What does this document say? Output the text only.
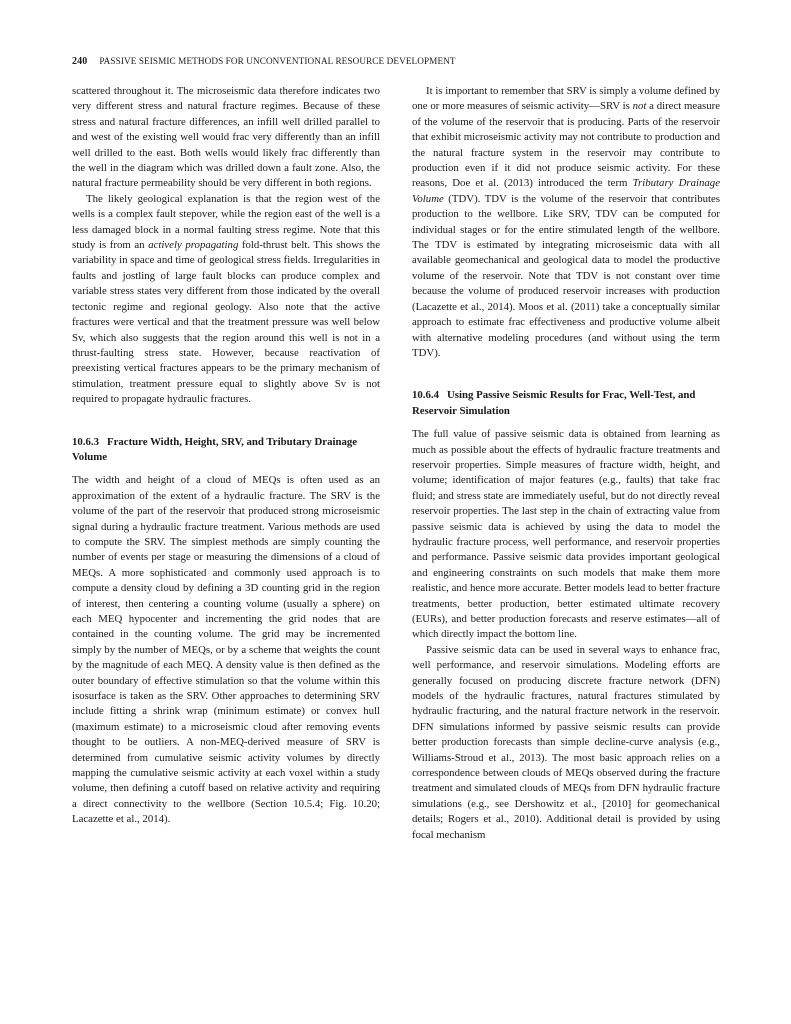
240 PASSIVE SEISMIC METHODS FOR UNCONVENTIONAL RESOURCE DEVELOPMENT

scattered throughout it. The microseismic data therefore indicates two very different stress and natural fracture regimes. Because of these stress and natural fracture differences, an infill well drilled parallel to and west of the existing well would frac very differently than an infill well drilled to the east. Both wells would likely frac differently than the well in the diagram which was drilled down a fault zone. Also, the natural fracture permeability should be very different in both regions.

The likely geological explanation is that the region west of the wells is a complex fault stepover, while the region east of the well is a less damaged block in a normal faulting stress regime. Note that this study is from an actively propagating fold-thrust belt. This shows the variability in space and time of geological stress fields. Irregularities in faults and jostling of large fault blocks can produce complex and variable stress states very different from those indicated by the overall tectonic regime and regional geology. Also note that the active fractures were vertical and that the treatment pressure was well below Sv, which also suggests that the region around this well is not in a thrust-faulting stress state. However, because reactivation of preexisting vertical fractures appears to be the primary mechanism of stimulation, treatment pressure equal to slightly above Sv is not required to propagate hydraulic fractures.

10.6.3 Fracture Width, Height, SRV, and Tributary Drainage Volume

The width and height of a cloud of MEQs is often used as an approximation of the extent of a hydraulic fracture. The SRV is the volume of the part of the reservoir that produced strong microseismic signal during a hydraulic fracture treatment. Various methods are used to compute the SRV. The simplest methods are simply counting the number of events per stage or measuring the dimensions of a cloud of MEQs. A more sophisticated and commonly used approach is to compute a density cloud by defining a 3D counting grid in the region of interest, then centering a counting volume (usually a sphere) on each MEQ hypocenter and incrementing the grid nodes that are contained in the counting volume. The grid may be incremented simply by the number of MEQs, or by a scheme that weights the count by the magnitude of each MEQ. A density value is then defined as the outer boundary of effective stimulation so that the volume within this isosurface is taken as the SRV. Other approaches to determining SRV include fitting a shrink wrap (minimum estimate) or convex hull (maximum estimate) to a microseismic cloud after removing events thought to be outliers. A non-MEQ-derived measure of SRV is determined from cumulative seismic activity volumes by directly mapping the cumulative seismic activity at each voxel within a study volume, then defining a cutoff based on relative activity and requiring a direct connectivity to the wellbore (Section 10.5.4; Fig. 10.20; Lacazette et al., 2014).

It is important to remember that SRV is simply a volume defined by one or more measures of seismic activity—SRV is not a direct measure of the volume of the reservoir that is producing. Parts of the reservoir that exhibit microseismic activity may not contribute to production and the natural fracture system in the reservoir may contribute to production even if it did not produce seismic activity. For these reasons, Doe et al. (2013) introduced the term Tributary Drainage Volume (TDV). TDV is the volume of the reservoir that contributes production to the wellbore. Like SRV, TDV can be computed for individual stages or for the entire stimulated length of the wellbore. The TDV is estimated by integrating microseismic data with all available geomechanical and geological data to model the productive volume of the reservoir. Note that TDV is not constant over time because the volume of produced reservoir increases with production (Lacazette et al., 2014). Moos et al. (2011) take a conceptually similar approach to estimate frac effectiveness and productive volume albeit with alternative modeling procedures (and without using the term TDV).

10.6.4 Using Passive Seismic Results for Frac, Well-Test, and Reservoir Simulation

The full value of passive seismic data is obtained from learning as much as possible about the effects of hydraulic fracture treatments and reservoir properties. Simple measures of fracture width, height, and volume; identification of major features (e.g., faults) that take frac fluid; and stress state are immediately useful, but do not directly reveal reservoir properties. The last step in the chain of extracting value from passive seismic data is achieved by using the data to model the hydraulic fracture process, well performance, and reservoir properties and performance. Passive seismic data provides important geological and engineering constraints on such models that make them more realistic, and hence more accurate. Better models lead to better fracture treatments, better production, better estimated ultimate recovery (EURs), and better production forecasts and reserve estimates—all of which directly impact the bottom line.

Passive seismic data can be used in several ways to enhance frac, well performance, and reservoir simulations. Modeling efforts are generally focused on producing discrete fracture network (DFN) models of the hydraulic fractures, natural fractures stimulated by hydraulic fracturing, and the natural fracture network in the reservoir. DFN simulations informed by passive seismic results can provide better production forecasts than simple decline-curve analysis (e.g., Williams-Stroud et al., 2013). The most basic approach relies on a correspondence between clouds of MEQs observed during the fracture treatment and simulated clouds of MEQs from DFN hydraulic fracture simulations (e.g., see Dershowitz et al., [2010] for geomechanical details; Rogers et al., 2010). Additional detail is provided by using focal mechanism
